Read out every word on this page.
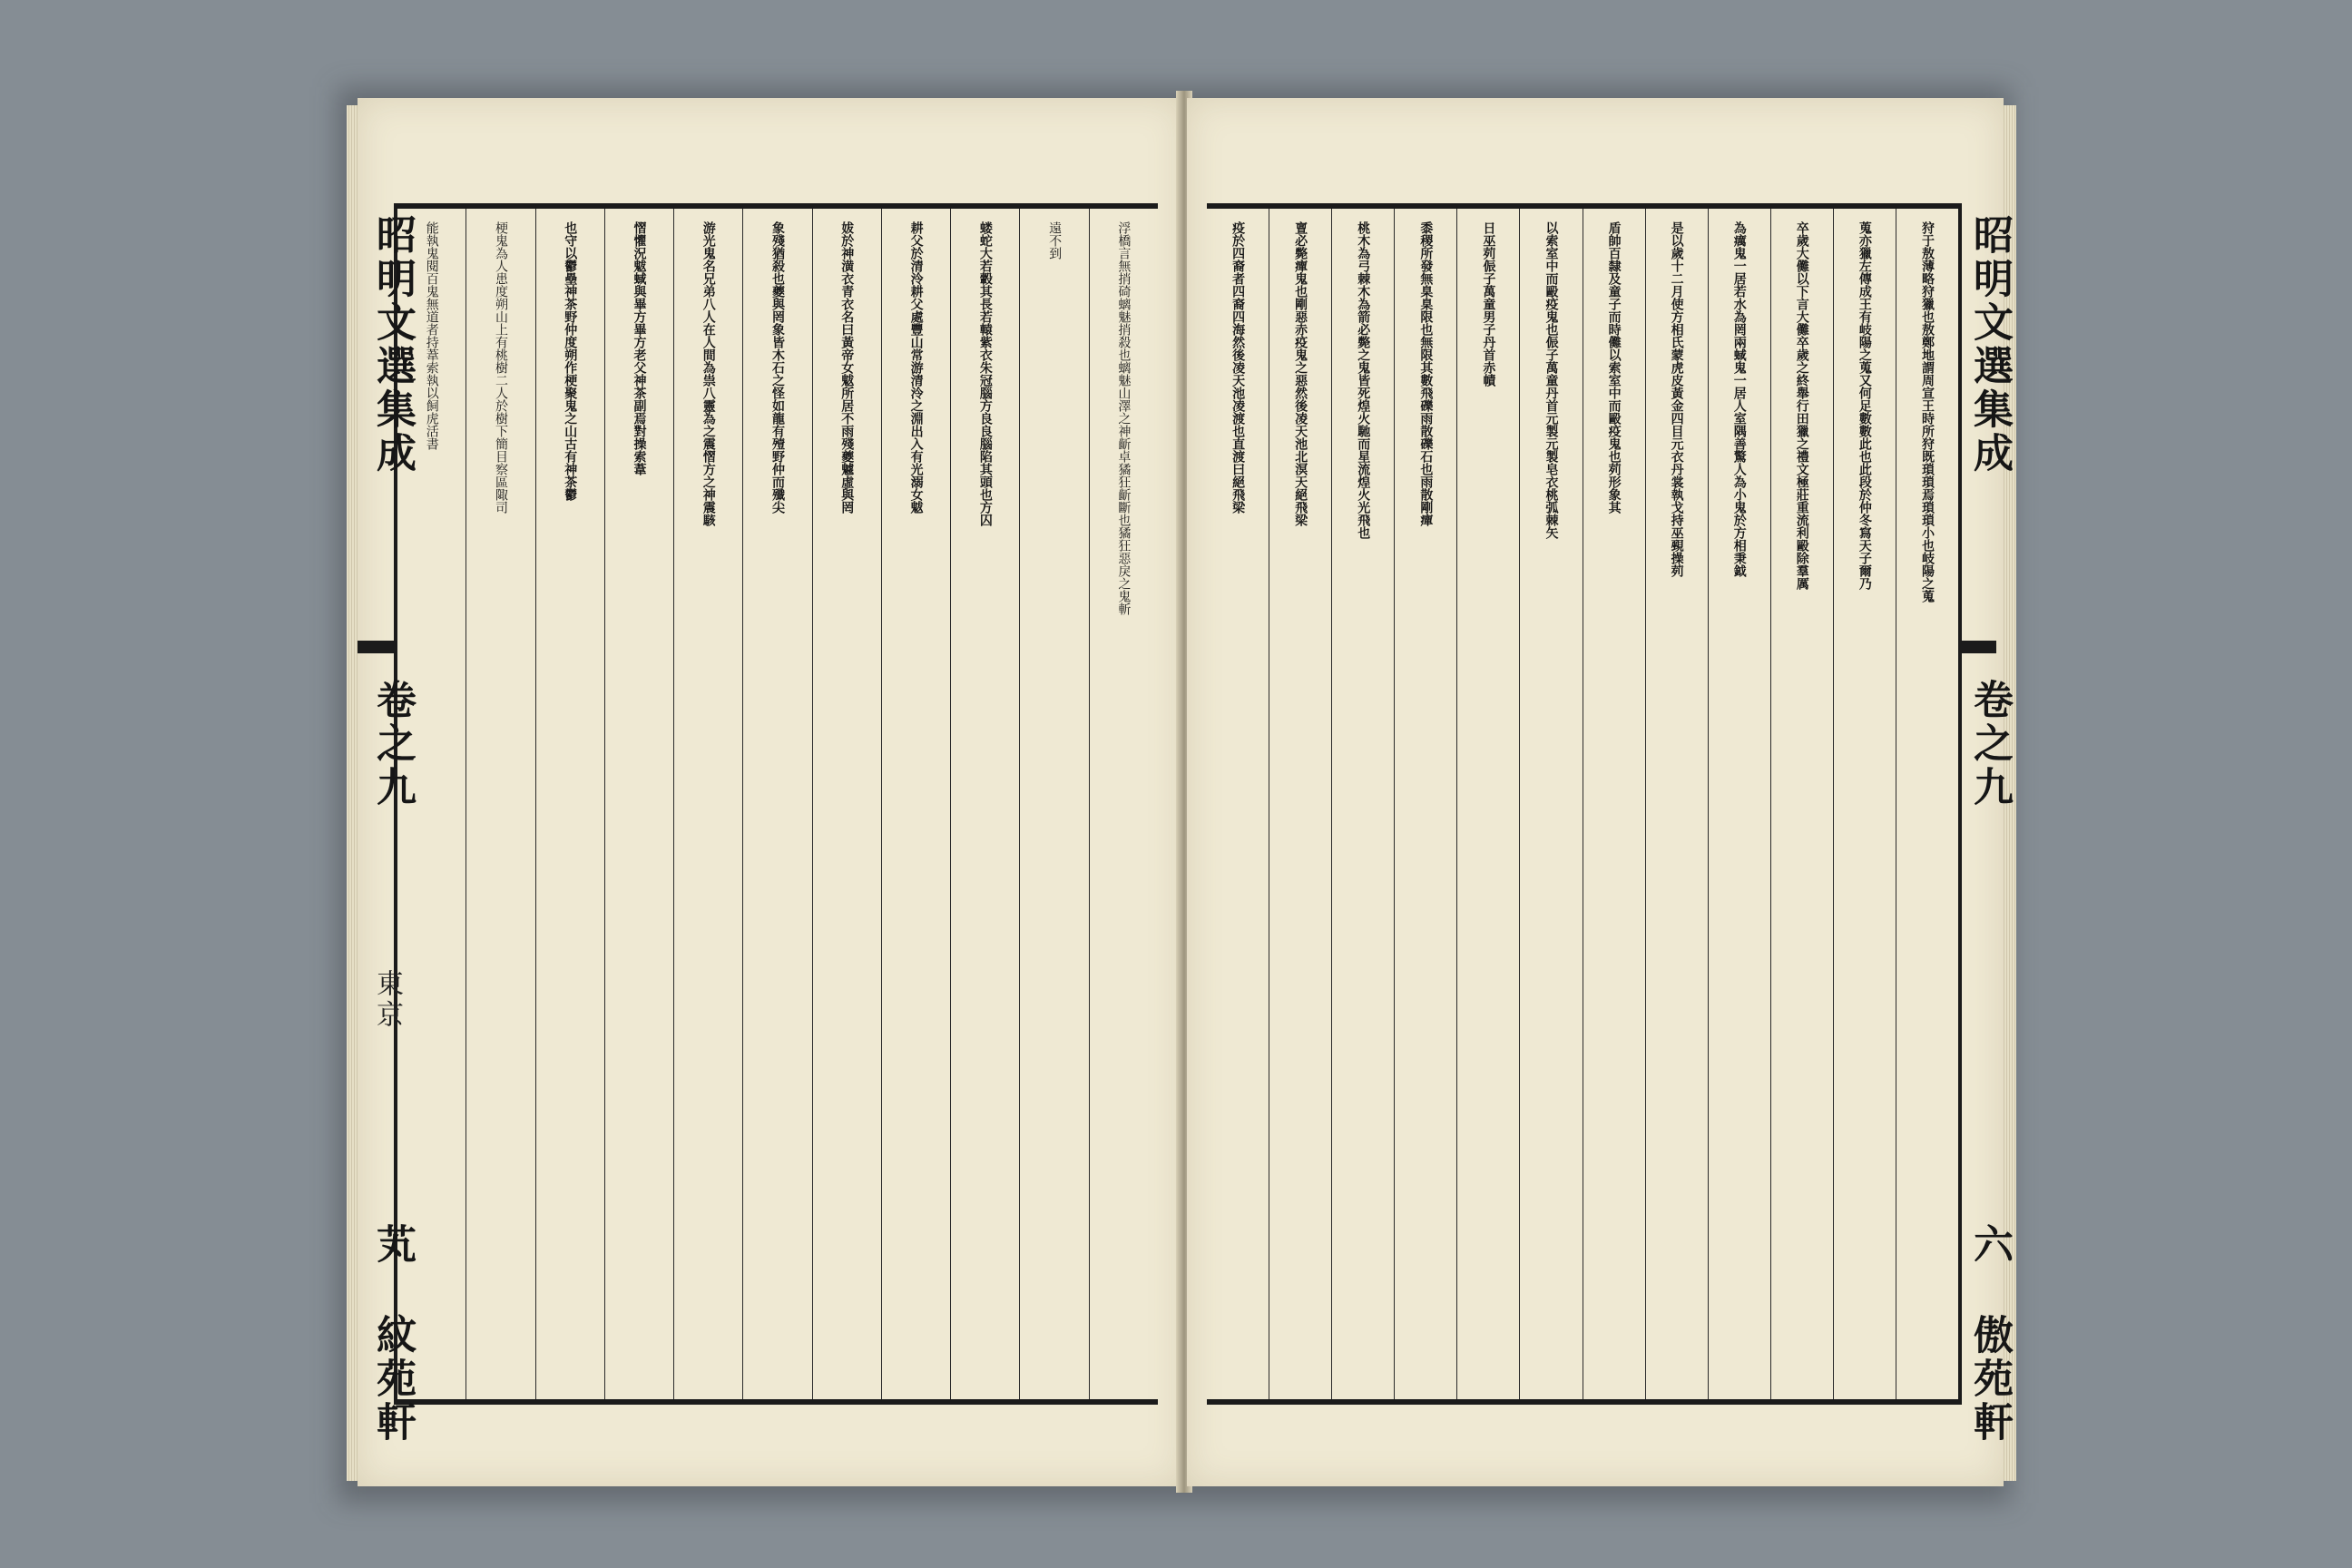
浮橋言無捎碕螭魅捎殺也螭魅山澤之神齗卓獝狂齗斷也獝狂惡戾之鬼斬
遠不到
蝼蛇大若轂其長若轅紫衣朱冠腦方良良腦陷其頭也方囚
耕父於清泠耕父處豐山常游清泠之淵出入有光溺女魃
妭於神潢衣青衣名曰黃帝女魃所居不雨殘夔魖虛與罔
象殘猶殺也夔與罔象皆木石之怪如龍有殪野仲而殲尖
游光鬼名兄弟八人在人間為祟八靈為之震慴方之神震駭
慴懼況魃蜮與畢方畢方老父神茶副焉對操索葦
也守以鬱壘神茶野仲度朔作梗聚鬼之山古有神茶鬱
梗鬼為人患度朔山上有桃樹二人於樹下簡目察區陬司
能執鬼閱百鬼無道者持葦索執以飼虎活書
昭明文選集成
卷之九
東京
芄
紋苑軒
狩于敖薄略狩獵也敖鄭地謂周宣王時所狩既瑣瑣焉瑣瑣小也岐陽之蒐
蒐亦獵左傳成王有岐陽之蒐又何足數數此也此段於仲冬寫天子爾乃
卒歲大儺以下言大儺卒歲之終舉行田獵之禮文極莊重流利毆除羣厲
為癘鬼一居若水為罔兩蜮鬼一居人室隅善驚人為小鬼於方相秉鉞
是以歲十二月使方相氏蒙虎皮黃金四目元衣丹裳執戈持巫覡操茢
盾帥百隸及童子而時儺以索室中而毆疫鬼也茢形象其
以索室中而毆疫鬼也侲子萬童丹首元製元製皂衣桃弧棘矢
日巫茢侲子萬童男子丹首赤幘
黍稷所發無臬臬限也無限其數飛礫雨散礫石也雨散剛癉
桃木為弓棘木為箭必斃之鬼皆死煌火馳而星流煌火光飛也
亶必斃癉鬼也剛惡赤疫鬼之惡然後凌天池北溟天絕飛梁
疫於四裔者四裔四海然後凌天池凌渡也直渡曰絕飛梁	昭明文選集成
卷之九
六
傲苑軒
